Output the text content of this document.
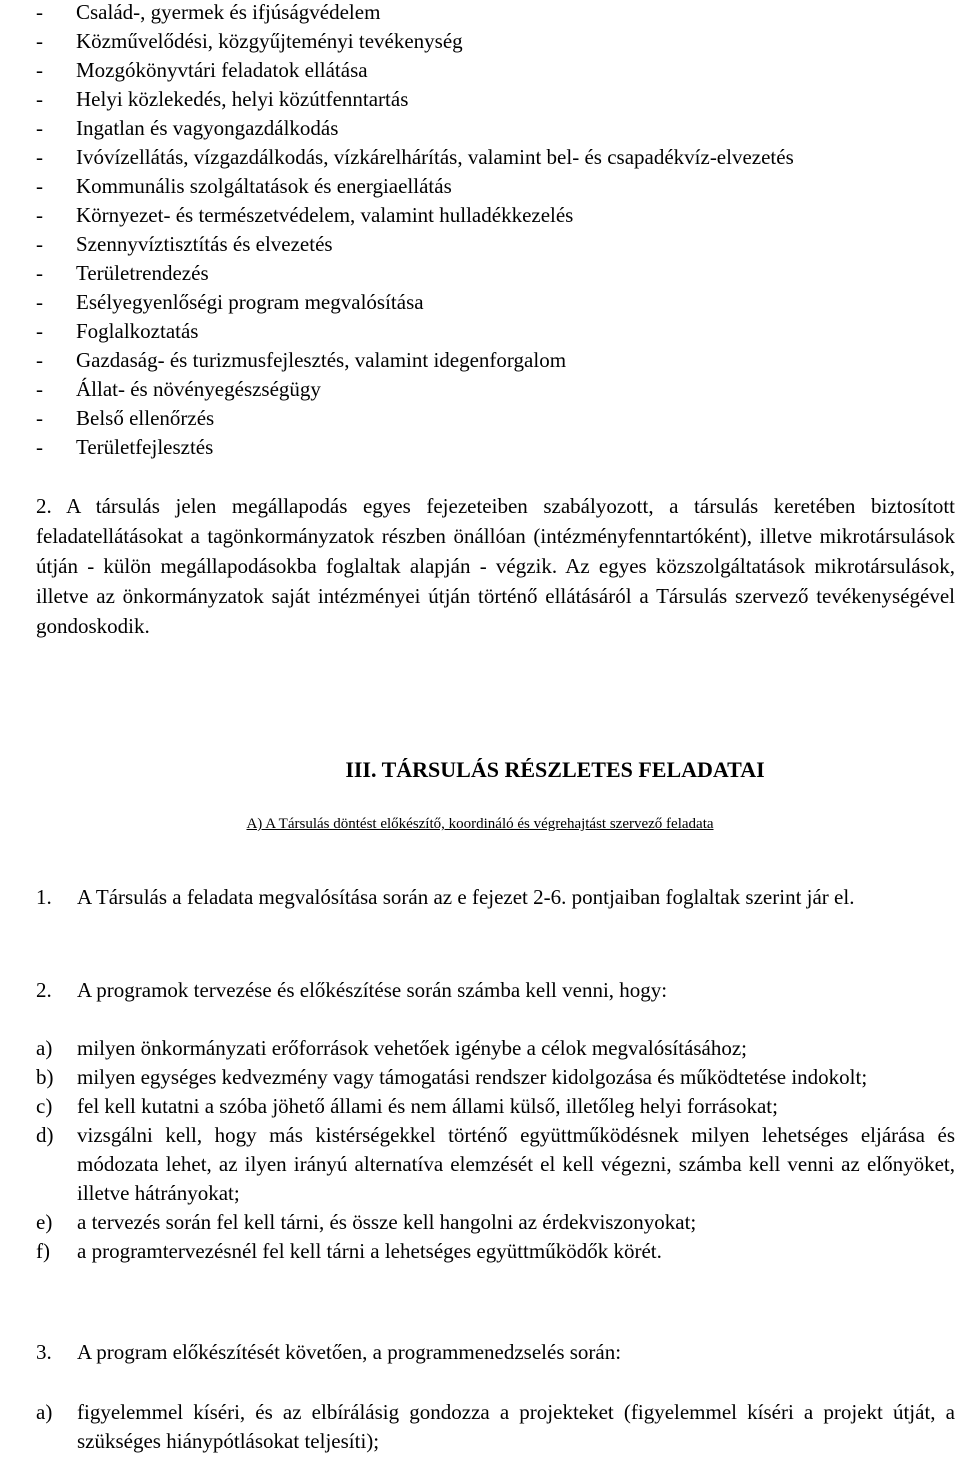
- Család-, gyermek és ifjúságvédelem
- Közművelődési, közgyűjteményi tevékenység
- Mozgókönyvtári feladatok ellátása
- Helyi közlekedés, helyi közútfenntartás
- Ingatlan és vagyongazdálkodás
- Ivóvízellátás, vízgazdálkodás, vízkárelhárítás, valamint bel- és csapadékvíz-elvezetés
- Kommunális szolgáltatások és energiaellátás
- Környezet- és természetvédelem, valamint hulladékkezelés
- Szennyvíztisztítás és elvezetés
- Területrendezés
- Esélyegyenlőségi program megvalósítása
- Foglalkoztatás
- Gazdaság- és turizmusfejlesztés, valamint idegenforgalom
- Állat- és növényegészségügy
- Belső ellenőrzés
- Területfejlesztés

2. A társulás jelen megállapodás egyes fejezeteiben szabályozott, a társulás keretében biztosított feladatellátásokat a tagönkormányzatok részben önállóan (intézményfenntartóként), illetve mikrotársulások útján - külön megállapodásokba foglaltak alapján - végzik. Az egyes közszolgáltatások mikrotársulások, illetve az önkormányzatok saját intézményei útján történő ellátásáról a Társulás szervező tevékenységével gondoskodik.

III. TÁRSULÁS RÉSZLETES FELADATAI
A) A Társulás döntést előkészítő, koordináló és végrehajtást szervező feladata
1. A Társulás a feladata megvalósítása során az e fejezet 2-6. pontjaiban foglaltak szerint jár el.
2. A programok tervezése és előkészítése során számba kell venni, hogy:
a) milyen önkormányzati erőforrások vehetőek igénybe a célok megvalósításához;
b) milyen egységes kedvezmény vagy támogatási rendszer kidolgozása és működtetése indokolt;
c) fel kell kutatni a szóba jöhető állami és nem állami külső, illetőleg helyi forrásokat;
d) vizsgálni kell, hogy más kistérségekkel történő együttműködésnek milyen lehetséges eljárása és módozata lehet, az ilyen irányú alternatíva elemzését el kell végezni, számba kell venni az előnyöket, illetve hátrányokat;
e) a tervezés során fel kell tárni, és össze kell hangolni az érdekviszonyokat;
f) a programtervezésnél fel kell tárni a lehetséges együttműködők körét.
3. A program előkészítését követően, a programmenedzselés során:
a) figyelemmel kíséri, és az elbírálásig gondozza a projekteket (figyelemmel kíséri a projekt útját, a szükséges hiánypótlásokat teljesíti);
